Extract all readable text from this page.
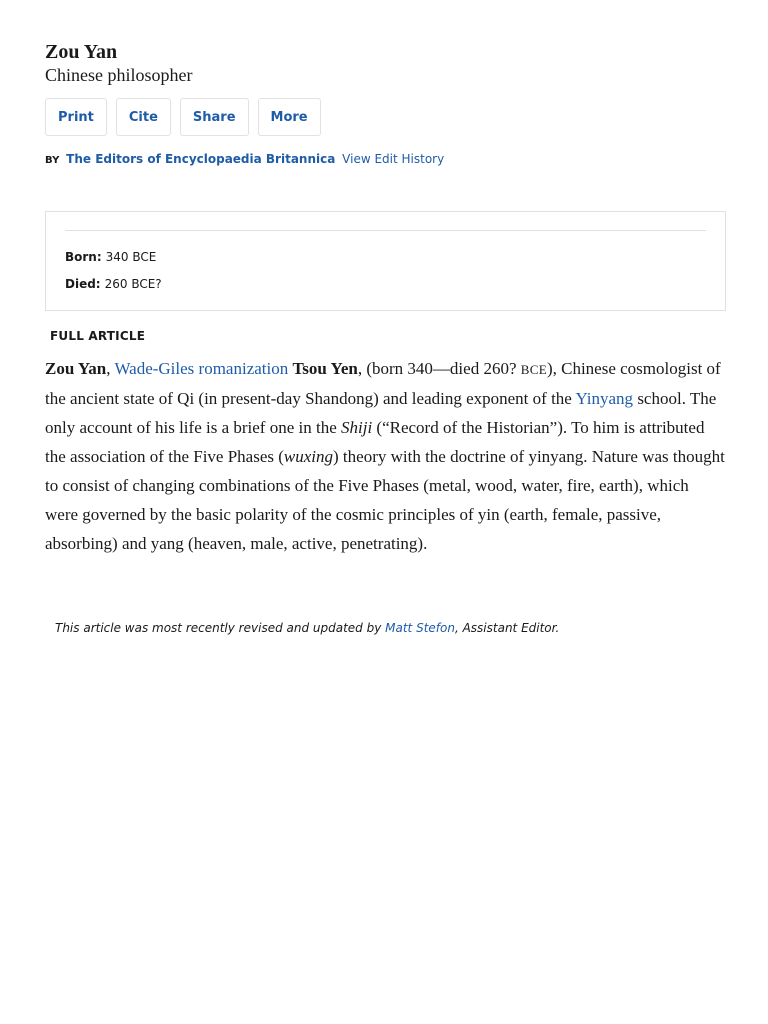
Zou Yan
Chinese philosopher
Print	Cite	Share	More
BY The Editors of Encyclopaedia Britannica View Edit History
Born: 340 BCE
Died: 260 BCE?
FULL ARTICLE

Zou Yan, Wade-Giles romanization Tsou Yen, (born 340—died 260? BCE), Chinese cosmologist of the ancient state of Qi (in present-day Shandong) and leading exponent of the Yinyang school. The only account of his life is a brief one in the Shiji (“Record of the Historian”). To him is attributed the association of the Five Phases (wuxing) theory with the doctrine of yinyang. Nature was thought to consist of changing combinations of the Five Phases (metal, wood, water, fire, earth), which were governed by the basic polarity of the cosmic principles of yin (earth, female, passive, absorbing) and yang (heaven, male, active, penetrating).

This article was most recently revised and updated by Matt Stefon, Assistant Editor.
